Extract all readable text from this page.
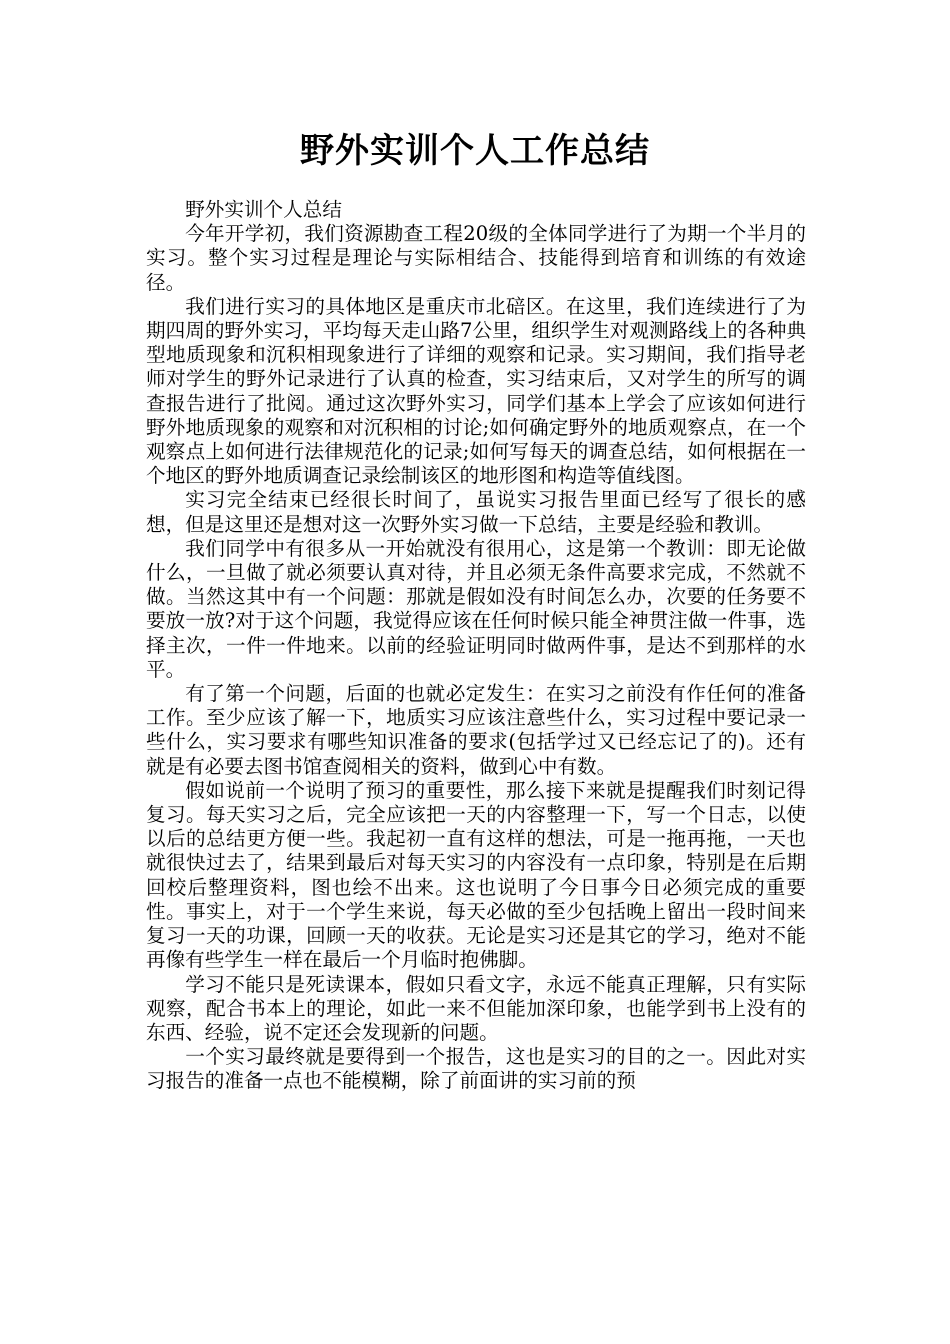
野外实训个人工作总结

野外实训个人总结

今年开学初，我们资源勘查工程20级的全体同学进行了为期一个半月的实习。整个实习过程是理论与实际相结合、技能得到培育和训练的有效途径。

我们进行实习的具体地区是重庆市北碚区。在这里，我们连续进行了为期四周的野外实习，平均每天走山路7公里，组织学生对观测路线上的各种典型地质现象和沉积相现象进行了详细的观察和记录。实习期间，我们指导老师对学生的野外记录进行了认真的检查，实习结束后，又对学生的所写的调查报告进行了批阅。通过这次野外实习，同学们基本上学会了应该如何进行野外地质现象的观察和对沉积相的讨论;如何确定野外的地质观察点，在一个观察点上如何进行法律规范化的记录;如何写每天的调查总结，如何根据在一个地区的野外地质调查记录绘制该区的地形图和构造等值线图。

实习完全结束已经很长时间了，虽说实习报告里面已经写了很长的感想，但是这里还是想对这一次野外实习做一下总结，主要是经验和教训。

我们同学中有很多从一开始就没有很用心，这是第一个教训：即无论做什么，一旦做了就必须要认真对待，并且必须无条件高要求完成，不然就不做。当然这其中有一个问题：那就是假如没有时间怎么办，次要的任务要不要放一放?对于这个问题，我觉得应该在任何时候只能全神贯注做一件事，选择主次，一件一件地来。以前的经验证明同时做两件事，是达不到那样的水平。

有了第一个问题，后面的也就必定发生：在实习之前没有作任何的准备工作。至少应该了解一下，地质实习应该注意些什么，实习过程中要记录一些什么，实习要求有哪些知识准备的要求(包括学过又已经忘记了的)。还有就是有必要去图书馆查阅相关的资料，做到心中有数。

假如说前一个说明了预习的重要性，那么接下来就是提醒我们时刻记得复习。每天实习之后，完全应该把一天的内容整理一下，写一个日志，以使以后的总结更方便一些。我起初一直有这样的想法，可是一拖再拖，一天也就很快过去了，结果到最后对每天实习的内容没有一点印象，特别是在后期回校后整理资料，图也绘不出来。这也说明了今日事今日必须完成的重要性。事实上，对于一个学生来说，每天必做的至少包括晚上留出一段时间来复习一天的功课，回顾一天的收获。无论是实习还是其它的学习，绝对不能再像有些学生一样在最后一个月临时抱佛脚。

学习不能只是死读课本，假如只看文字，永远不能真正理解，只有实际观察，配合书本上的理论，如此一来不但能加深印象，也能学到书上没有的东西、经验，说不定还会发现新的问题。

一个实习最终就是要得到一个报告，这也是实习的目的之一。因此对实习报告的准备一点也不能模糊，除了前面讲的实习前的预
